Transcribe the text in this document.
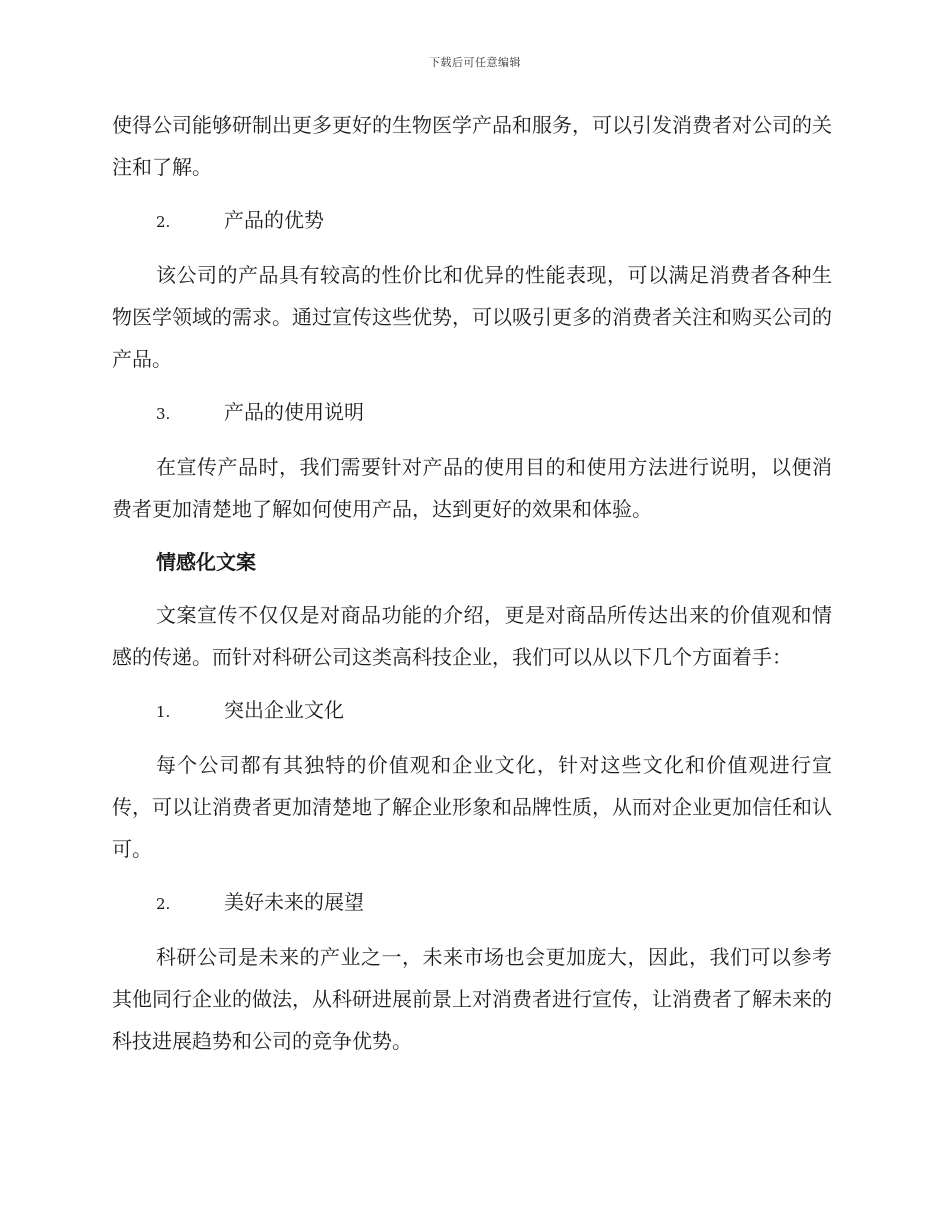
下载后可任意编辑

使得公司能够研制出更多更好的生物医学产品和服务，可以引发消费者对公司的关注和了解。

2.	产品的优势

该公司的产品具有较高的性价比和优异的性能表现，可以满足消费者各种生物医学领域的需求。通过宣传这些优势，可以吸引更多的消费者关注和购买公司的产品。

3.	产品的使用说明

在宣传产品时，我们需要针对产品的使用目的和使用方法进行说明，以便消费者更加清楚地了解如何使用产品，达到更好的效果和体验。

情感化文案

文案宣传不仅仅是对商品功能的介绍，更是对商品所传达出来的价值观和情感的传递。而针对科研公司这类高科技企业，我们可以从以下几个方面着手：

1.	突出企业文化

每个公司都有其独特的价值观和企业文化，针对这些文化和价值观进行宣传，可以让消费者更加清楚地了解企业形象和品牌性质，从而对企业更加信任和认可。

2.	美好未来的展望

科研公司是未来的产业之一，未来市场也会更加庞大，因此，我们可以参考其他同行企业的做法，从科研进展前景上对消费者进行宣传，让消费者了解未来的科技进展趋势和公司的竞争优势。
